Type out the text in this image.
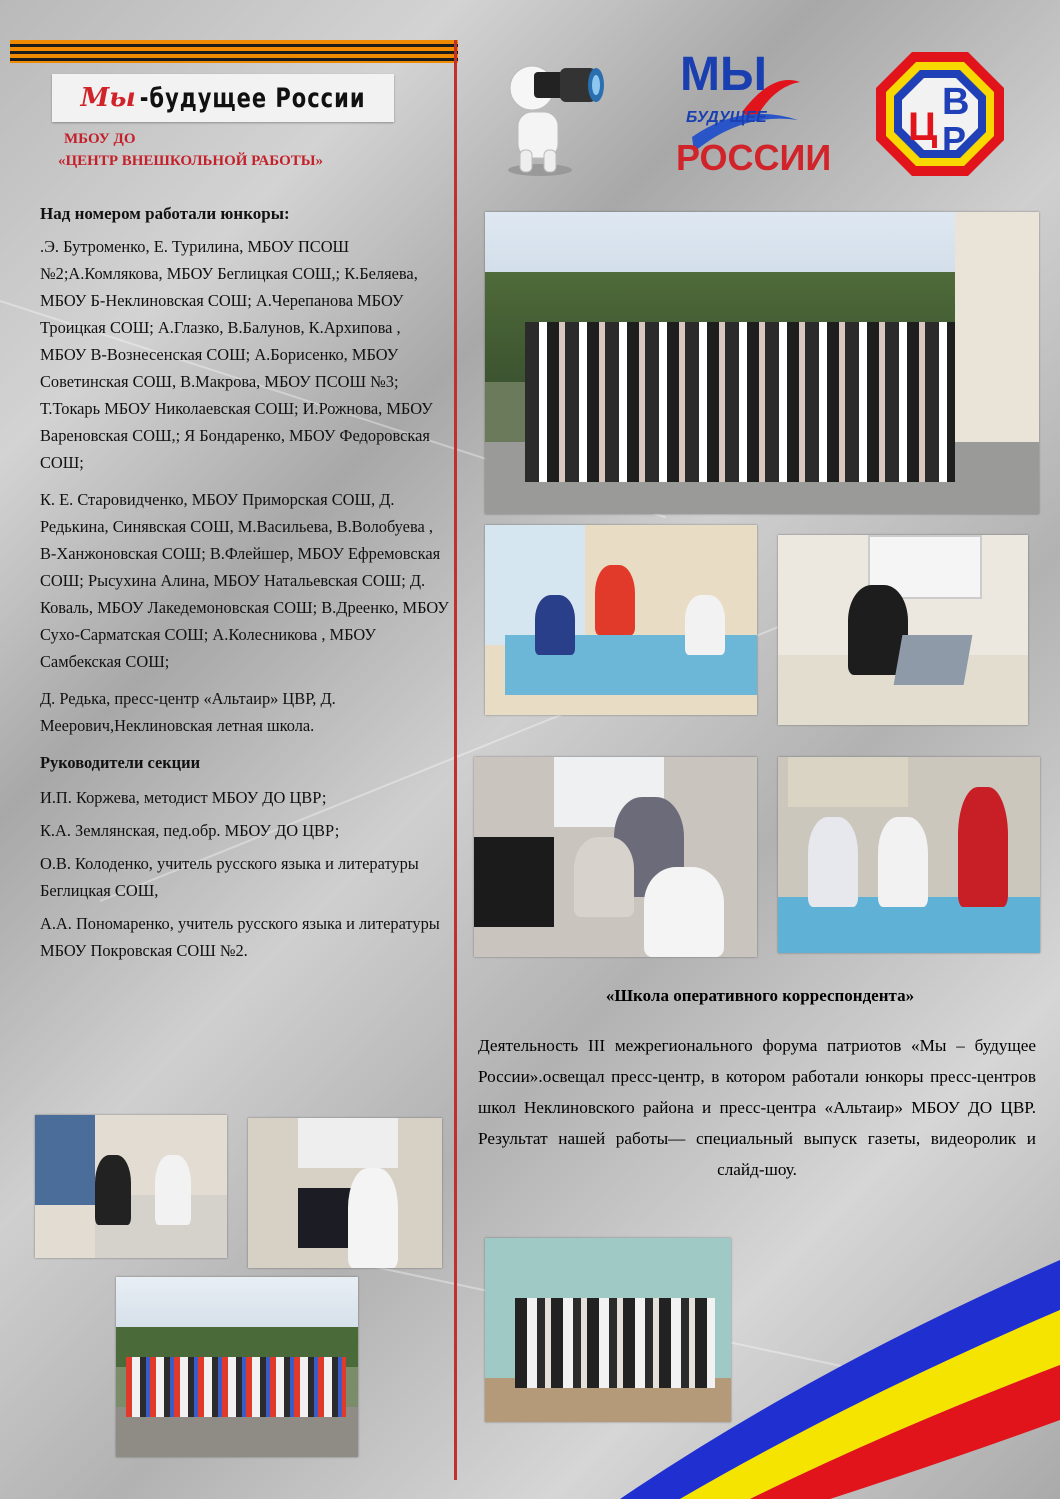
Мы -будущее России
МБОУ ДО
«ЦЕНТР ВНЕШКОЛЬНОЙ РАБОТЫ»
МЫ
БУДУЩЕЕ
РОССИИ
Ц
В
Р
Над номером работали юнкоры:

.Э. Бутроменко, Е. Турилина, МБОУ ПСОШ №2;А.Комлякова, МБОУ Беглицкая СОШ,; К.Беляева, МБОУ Б-Неклиновская СОШ; А.Черепанова МБОУ Троицкая СОШ; А.Глазко, В.Балунов, К.Архипова , МБОУ В-Вознесенская СОШ; А.Борисенко, МБОУ Советинская СОШ, В.Макрова, МБОУ ПСОШ №3; Т.Токарь МБОУ Николаевская СОШ; И.Рожнова, МБОУ Вареновская СОШ,; Я Бондаренко, МБОУ Федоровская СОШ;

К. Е. Старовидченко, МБОУ Приморская СОШ, Д. Редькина, Синявская СОШ, М.Васильева, В.Волобуева , В-Ханжоновская СОШ; В.Флейшер, МБОУ Ефремовская СОШ; Рысухина Алина, МБОУ Натальевская СОШ; Д. Коваль, МБОУ Лакедемоновская СОШ; В.Дреенко, МБОУ Сухо-Сарматская СОШ; А.Колесникова , МБОУ Самбекская СОШ;

Д. Редька, пресс-центр «Альтаир» ЦВР, Д. Меерович,Неклиновская летная школа.

Руководители секции

И.П. Коржева, методист МБОУ ДО ЦВР;

К.А. Землянская, пед.обр. МБОУ ДО ЦВР;

О.В. Колоденко, учитель русского языка и литературы Беглицкая СОШ,

А.А. Пономаренко, учитель русского языка и литературы МБОУ Покровская СОШ №2.

«Школа оперативного корреспондента»
Деятельность III межрегионального форума патриотов «Мы – будущее России».освещал пресс-центр, в котором работали юнкоры пресс-центров школ Неклиновского района и пресс-центра «Альтаир» МБОУ ДО ЦВР. Результат нашей работы— специальный выпуск газеты, видеоролик и слайд-шоу.
